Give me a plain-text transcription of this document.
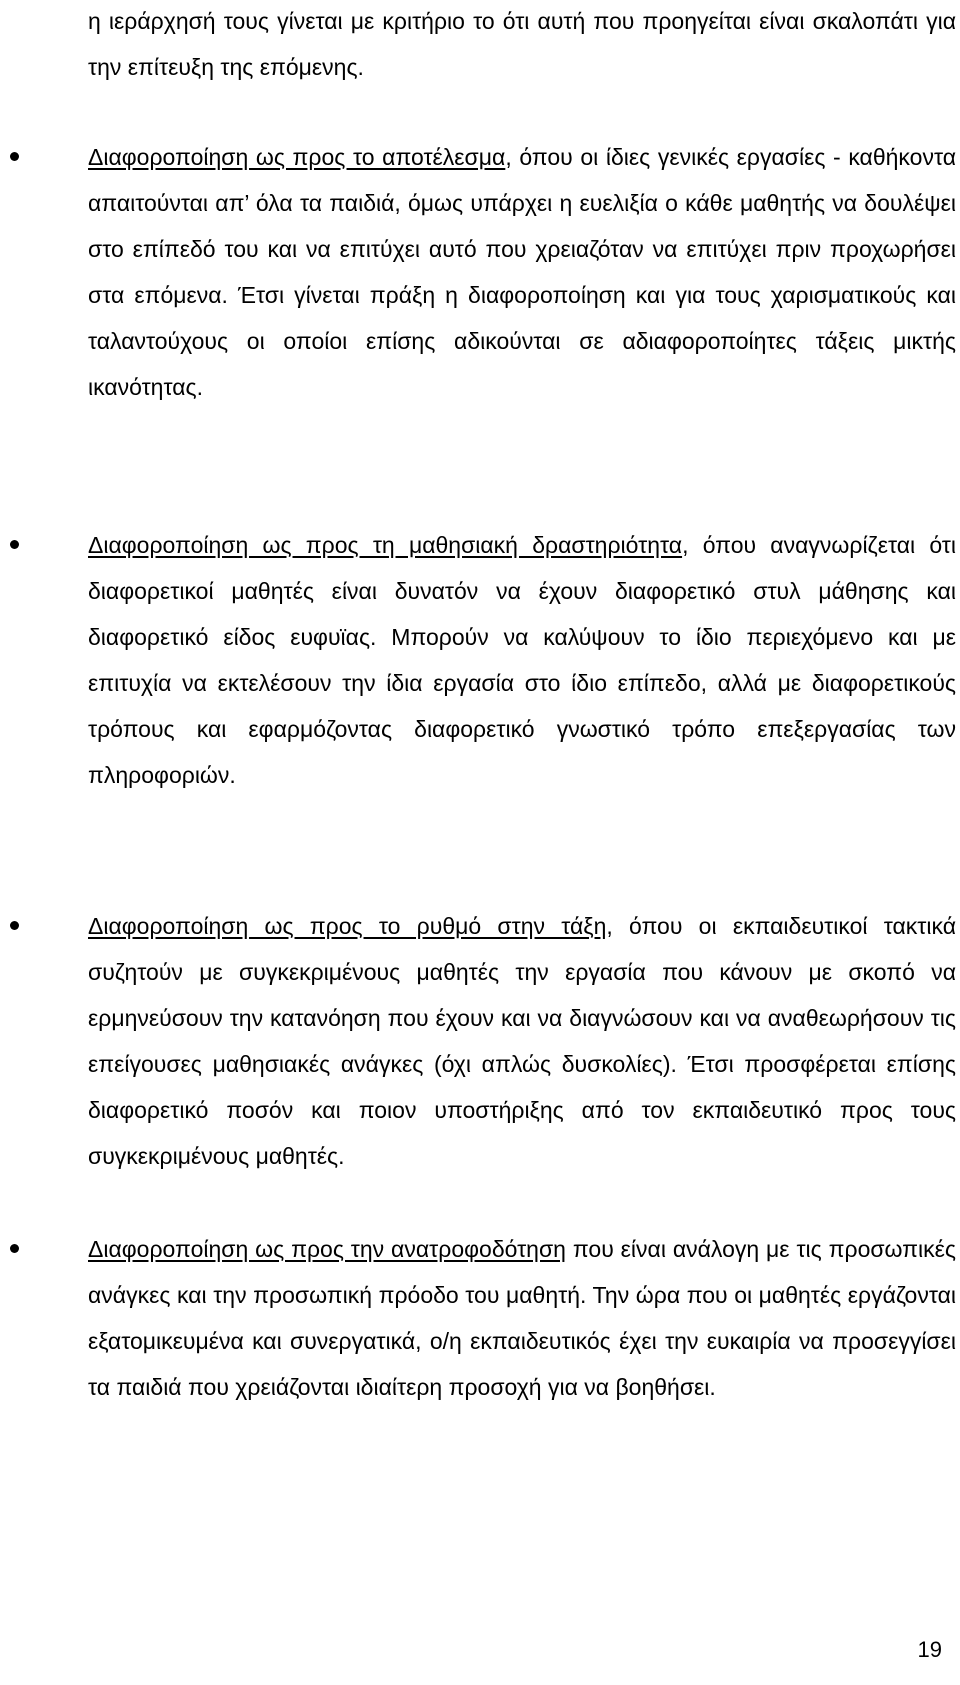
η ιεράρχησή τους γίνεται με κριτήριο το ότι αυτή που προηγείται είναι σκαλοπάτι για την επίτευξη της επόμενης.

Διαφοροποίηση ως προς το αποτέλεσμα, όπου οι ίδιες γενικές εργασίες - καθήκοντα απαιτούνται απ’ όλα τα παιδιά, όμως υπάρχει η ευελιξία ο κάθε μαθητής να δουλέψει στο επίπεδό του και να επιτύχει αυτό που χρειαζόταν να επιτύχει πριν προχωρήσει στα επόμενα. Έτσι γίνεται πράξη η διαφοροποίηση και για τους χαρισματικούς και ταλαντούχους οι οποίοι επίσης αδικούνται σε αδιαφοροποίητες τάξεις μικτής ικανότητας.

Διαφοροποίηση ως προς τη μαθησιακή δραστηριότητα, όπου αναγνωρίζεται ότι διαφορετικοί μαθητές είναι δυνατόν να έχουν διαφορετικό στυλ μάθησης και διαφορετικό είδος ευφυϊας. Μπορούν να καλύψουν το ίδιο περιεχόμενο και με επιτυχία να εκτελέσουν την ίδια εργασία στο ίδιο επίπεδο, αλλά με διαφορετικούς τρόπους και εφαρμόζοντας διαφορετικό γνωστικό τρόπο επεξεργασίας των πληροφοριών.

Διαφοροποίηση ως προς το ρυθμό στην τάξη, όπου οι εκπαιδευτικοί τακτικά συζητούν με συγκεκριμένους μαθητές την εργασία που κάνουν με σκοπό να ερμηνεύσουν την κατανόηση που έχουν και να διαγνώσουν και να αναθεωρήσουν τις επείγουσες μαθησιακές ανάγκες (όχι απλώς δυσκολίες). Έτσι προσφέρεται επίσης διαφορετικό ποσόν και ποιον υποστήριξης από τον εκπαιδευτικό προς τους συγκεκριμένους μαθητές.

Διαφοροποίηση ως προς την ανατροφοδότηση που είναι ανάλογη με τις προσωπικές ανάγκες και την προσωπική πρόοδο του μαθητή. Την ώρα που οι μαθητές εργάζονται εξατομικευμένα και συνεργατικά, ο/η εκπαιδευτικός έχει την ευκαιρία να προσεγγίσει τα παιδιά που χρειάζονται ιδιαίτερη προσοχή για να βοηθήσει.

19
